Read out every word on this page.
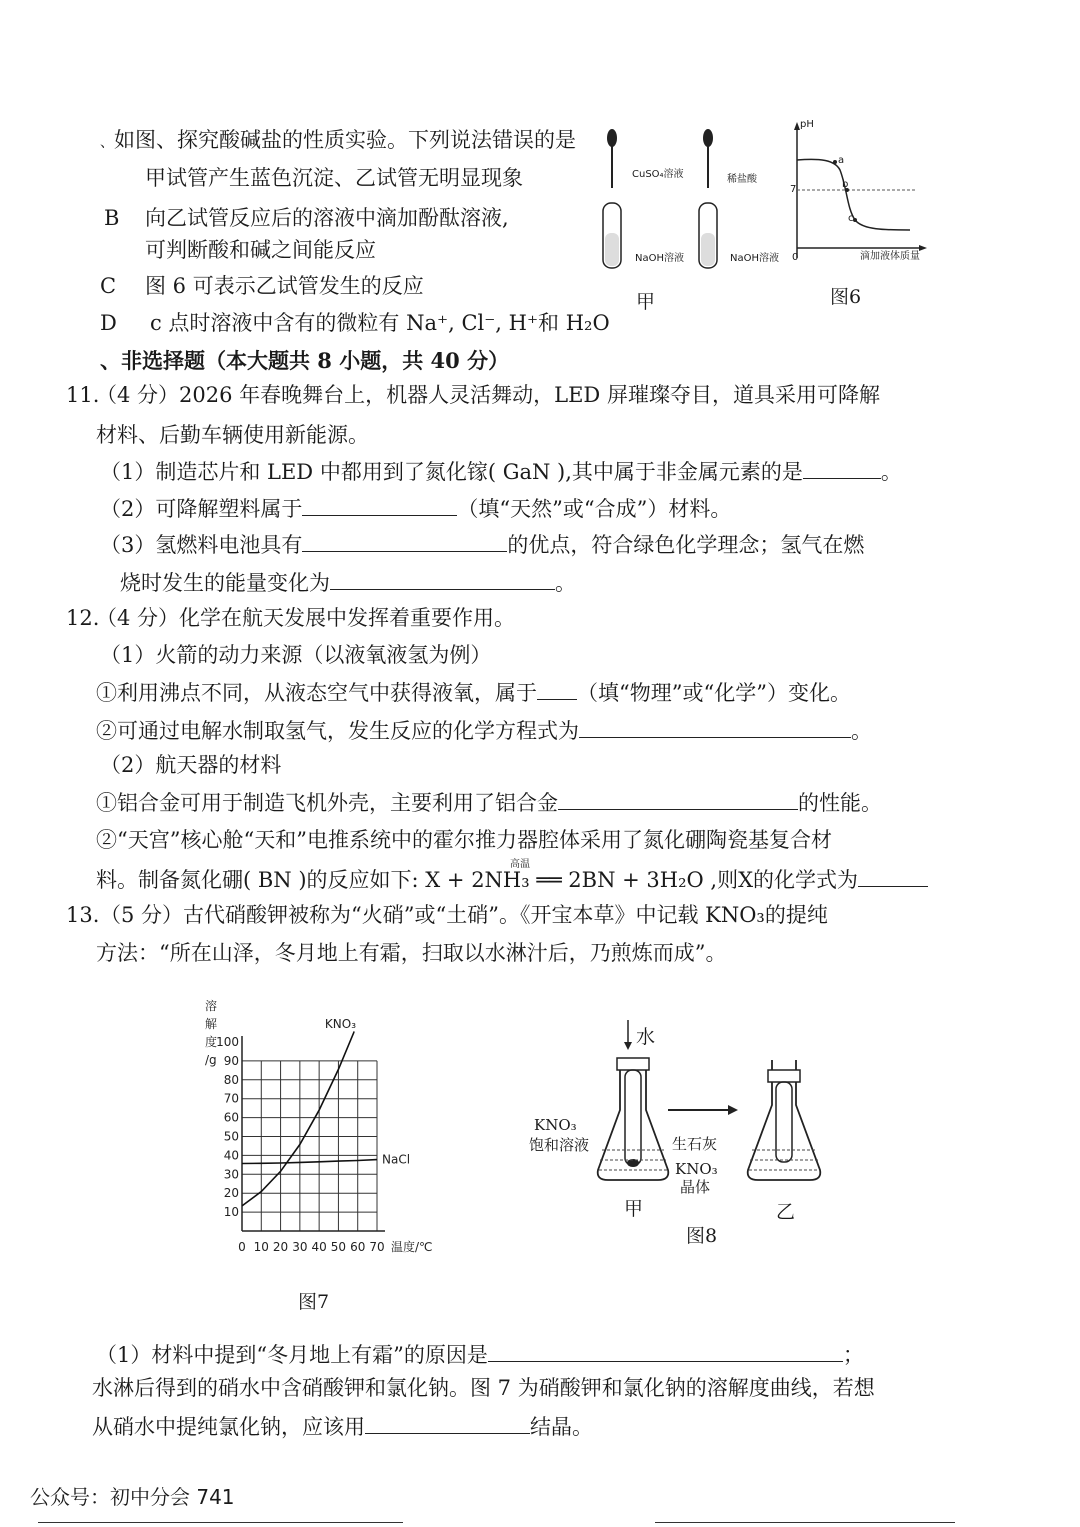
、如图、探究酸碱盐的性质实验。下列说法错误的是
甲试管产生蓝色沉淀、乙试管无明显现象
B 向乙试管反应后的溶液中滴加酚酞溶液,
可判断酸和碱之间能反应
C 图 6 可表示乙试管发生的反应
D c 点时溶液中含有的微粒有 Na⁺, Cl⁻, H⁺和 H₂O
CuSO₄溶液	稀盐酸
NaOH溶液	NaOH溶液
甲
pH
7
0	滴加液体质量
a
b
c
图6
、非选择题（本大题共 8 小题，共 40 分）
11.
（4 分）2026 年春晚舞台上，机器人灵活舞动，LED 屏璀璨夺目，道具采用可降解
材料、后勤车辆使用新能源。
（1）制造芯片和 LED 中都用到了氮化镓( GaN ),其中属于非金属元素的是	。
（2）可降解塑料属于	（填“天然”或“合成”）材料。
（3）氢燃料电池具有	的优点，符合绿色化学理念；氢气在燃
烧时发生的能量变化为	。
12.
（4 分）化学在航天发展中发挥着重要作用。
（1）火箭的动力来源（以液氧液氢为例）
①利用沸点不同，从液态空气中获得液氧，属于 （填“物理”或“化学”）变化。
②可通过电解水制取氢气，发生反应的化学方程式为	。
（2）航天器的材料
①铝合金可用于制造飞机外壳，主要利用了铝合金	的性能。
②“天宫”核心舱“天和”电推系统中的霍尔推力器腔体采用了氮化硼陶瓷基复合材
料。制备氮化硼( BN )的反应如下: X + 2NH₃ ══ 2BN + 3H₂O ,则X的化学式为
高温
13. （5 分）古代硝酸钾被称为“火硝”或“土硝”。《开宝本草》中记载 KNO₃的提纯
方法：“所在山泽，冬月地上有霜，扫取以水淋汁后，乃煎炼而成”。
100
90
80
70
60
50
40
30
20
10
0 10 20 30 40 50 60 70
溶
解
度
/g
温度/℃
KNO₃
NaCl
图7
水
KNO₃
饱和溶液	生石灰
KNO₃
晶体
甲	乙
图8
（1）材料中提到“冬月地上有霜”的原因是	；
水淋后得到的硝水中含硝酸钾和氯化钠。图 7 为硝酸钾和氯化钠的溶解度曲线，若想
从硝水中提纯氯化钠，应该用	结晶。
公众号：初中分会 741
